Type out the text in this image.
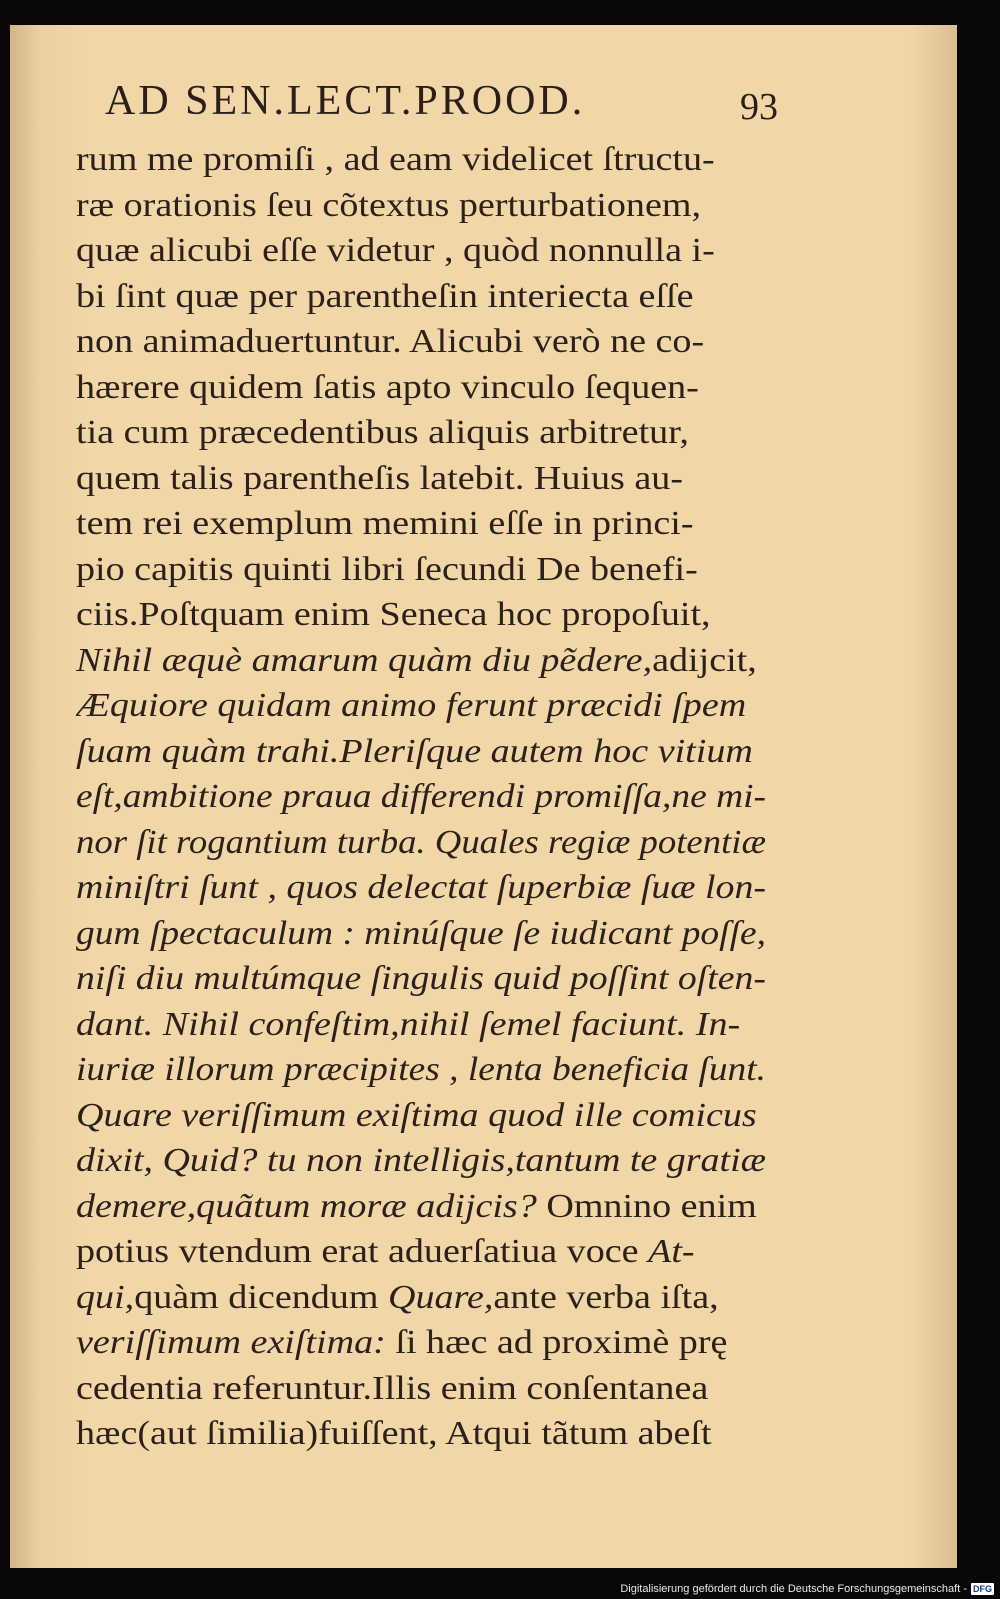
AD SEN.LECT.PROOD.	93
rum me promiſi , ad eam videlicet ſtructu-
ræ orationis ſeu cõtextus perturbationem,
quæ alicubi eſſe videtur , quòd nonnulla i-
bi ſint quæ per parentheſin interiecta eſſe
non animaduertuntur. Alicubi verò ne co-
hærere quidem ſatis apto vinculo ſequen-
tia cum præcedentibus aliquis arbitretur,
quem talis parentheſis latebit. Huius au-
tem rei exemplum memini eſſe in princi-
pio capitis quinti libri ſecundi De benefi-
ciis.Poſtquam enim Seneca hoc propoſuit,
Nihil æquè amarum quàm diu pẽdere,adijcit,
Æquiore quidam animo ferunt præcidi ſpem
ſuam quàm trahi.Pleriſque autem hoc vitium
eſt,ambitione praua differendi promiſſa,ne mi-
nor ſit rogantium turba. Quales regiæ potentiæ
miniſtri ſunt , quos delectat ſuperbiæ ſuæ lon-
gum ſpectaculum : minúſque ſe iudicant poſſe,
niſi diu multúmque ſingulis quid poſſint oſten-
dant. Nihil confeſtim,nihil ſemel faciunt. In-
iuriæ illorum præcipites , lenta beneficia ſunt.
Quare veriſſimum exiſtima quod ille comicus
dixit, Quid? tu non intelligis,tantum te gratiæ
demere,quãtum moræ adijcis? Omnino enim
potius vtendum erat aduerſatiua voce At-
qui,quàm dicendum Quare,ante verba iſta,
veriſſimum exiſtima: ſi hæc ad proximè prę
cedentia referuntur.Illis enim conſentanea
hæc(aut ſimilia)fuiſſent, Atqui tãtum abeſt
Digitalisierung gefördert durch die Deutsche Forschungsgemeinschaft - DFG
